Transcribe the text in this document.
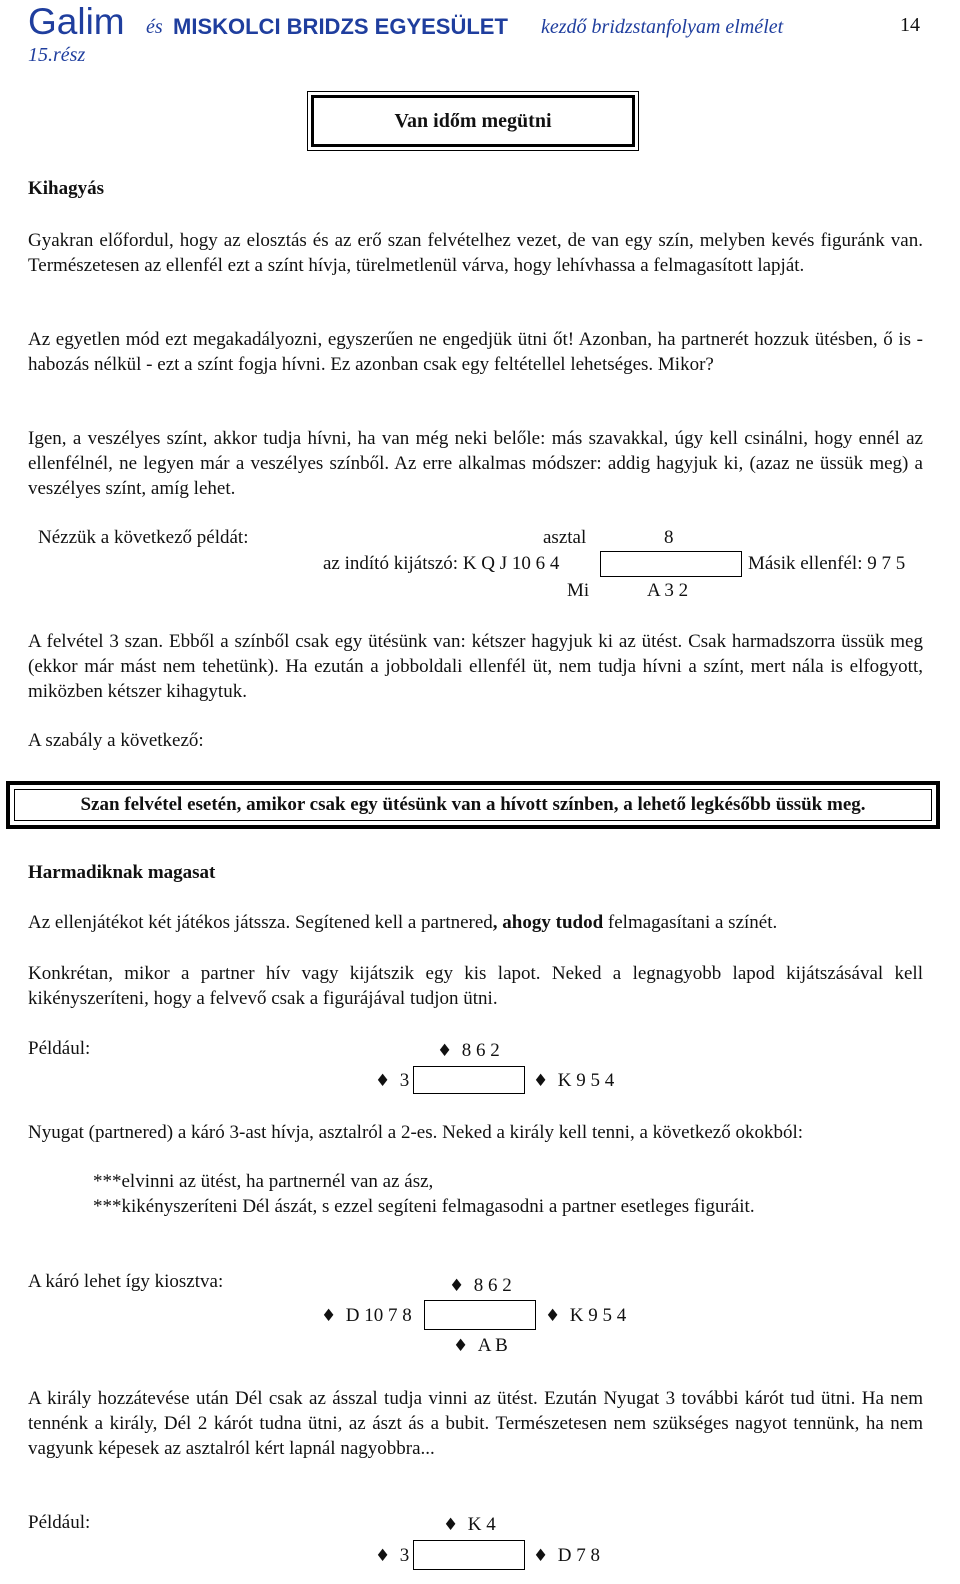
Galim és MISKOLCI BRIDZS EGYESÜLET kezdő bridzstanfolyam elmélet
15.rész
14
Van időm megütni
Kihagyás

Gyakran előfordul, hogy az elosztás és az erő szan felvételhez vezet, de van egy szín, melyben kevés figuránk van. Természetesen az ellenfél ezt a színt hívja, türelmetlenül várva, hogy lehívhassa a felmagasított lapját.

Az egyetlen mód ezt megakadályozni, egyszerűen ne engedjük ütni őt! Azonban, ha partnerét hozzuk ütésben, ő is - habozás nélkül - ezt a színt fogja hívni. Ez azonban csak egy feltétellel lehetséges. Mikor?

Igen, a veszélyes színt, akkor tudja hívni, ha van még neki belőle: más szavakkal, úgy kell csinálni, hogy ennél az ellenfélnél, ne legyen már a veszélyes színből. Az erre alkalmas módszer: addig hagyjuk ki, (azaz ne üssük meg) a veszélyes színt, amíg lehet.

Nézzük a következő példát:	asztal	8
az indító kijátszó: K Q J 10 6 4	Másik ellenfél: 9 7 5
Mi	A 3 2

A felvétel 3 szan. Ebből a színből csak egy ütésünk van: kétszer hagyjuk ki az ütést. Csak harmadszorra üssük meg (ekkor már mást nem tehetünk). Ha ezután a jobboldali ellenfél üt, nem tudja hívni a színt, mert nála is elfogyott, miközben kétszer kihagytuk.

A szabály a következő:
Szan felvétel esetén, amikor csak egy ütésünk van a hívott színben, a lehető legkésőbb üssük meg.
Harmadiknak magasat
Az ellenjátékot két játékos játssza. Segítened kell a partnered, ahogy tudod felmagasítani a színét.

Konkrétan, mikor a partner hív vagy kijátszik egy kis lapot. Neked a legnagyobb lapod kijátszásával kell kikényszeríteni, hogy a felvevő csak a figurájával tudjon ütni.

Például:	♦ 8 6 2
♦ 3	♦ K 9 5 4
Nyugat (partnered) a káró 3-ast hívja, asztalról a 2-es. Neked a király kell tenni, a következő okokból:
***elvinni az ütést, ha partnernél van az ász,
***kikényszeríteni Dél ászát, s ezzel segíteni felmagasodni a partner esetleges figuráit.
A káró lehet így kiosztva:	♦ 8 6 2
♦ D 10 7 8	♦ K 9 5 4
♦ A B

A király hozzátevése után Dél csak az ásszal tudja vinni az ütést. Ezután Nyugat 3 további kárót tud ütni. Ha nem tennénk a király, Dél 2 kárót tudna ütni, az ászt ás a bubit. Természetesen nem szükséges nagyot tennünk, ha nem vagyunk képesek az asztalról kért lapnál nagyobbra...

Például:	♦ K 4
♦ 3	♦ D 7 8
